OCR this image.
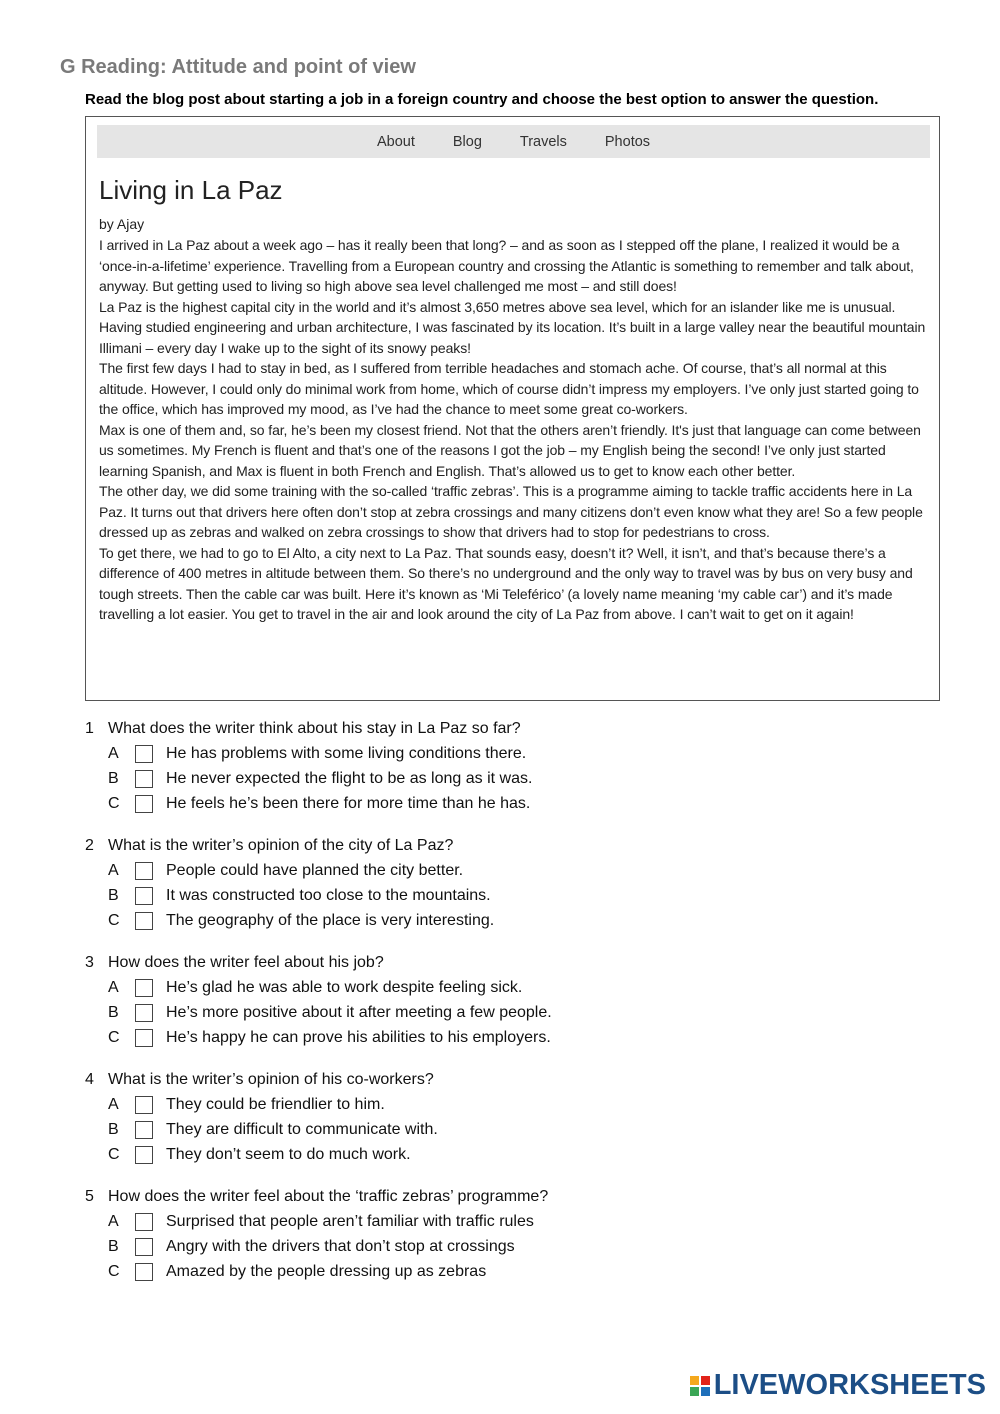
G Reading: Attitude and point of view

Read the blog post about starting a job in a foreign country and choose the best option to answer the question.

About	Blog	Travels	Photos
Living in La Paz
by Ajay

I arrived in La Paz about a week ago – has it really been that long? – and as soon as I stepped off the plane, I realized it would be a ‘once-in-a-lifetime’ experience. Travelling from a European country and crossing the Atlantic is something to remember and talk about, anyway. But getting used to living so high above sea level challenged me most – and still does!

La Paz is the highest capital city in the world and it’s almost 3,650 metres above sea level, which for an islander like me is unusual. Having studied engineering and urban architecture, I was fascinated by its location. It’s built in a large valley near the beautiful mountain Illimani – every day I wake up to the sight of its snowy peaks!

The first few days I had to stay in bed, as I suffered from terrible headaches and stomach ache. Of course, that’s all normal at this altitude. However, I could only do minimal work from home, which of course didn’t impress my employers. I’ve only just started going to the office, which has improved my mood, as I’ve had the chance to meet some great co-workers.

Max is one of them and, so far, he’s been my closest friend. Not that the others aren’t friendly. It's just that language can come between us sometimes. My French is fluent and that’s one of the reasons I got the job – my English being the second! I’ve only just started learning Spanish, and Max is fluent in both French and English. That’s allowed us to get to know each other better.

The other day, we did some training with the so-called ‘traffic zebras’. This is a programme aiming to tackle traffic accidents here in La Paz. It turns out that drivers here often don’t stop at zebra crossings and many citizens don’t even know what they are! So a few people dressed up as zebras and walked on zebra crossings to show that drivers had to stop for pedestrians to cross.

To get there, we had to go to El Alto, a city next to La Paz. That sounds easy, doesn’t it? Well, it isn’t, and that’s because there’s a difference of 400 metres in altitude between them. So there’s no underground and the only way to travel was by bus on very busy and tough streets. Then the cable car was built. Here it’s known as ‘Mi Teleférico’ (a lovely name meaning ‘my cable car’) and it’s made travelling a lot easier. You get to travel in the air and look around the city of La Paz from above. I can’t wait to get on it again!

1 What does the writer think about his stay in La Paz so far?
A	He has problems with some living conditions there.
B	He never expected the flight to be as long as it was.
C	He feels he’s been there for more time than he has.
2 What is the writer’s opinion of the city of La Paz?
A	People could have planned the city better.
B	It was constructed too close to the mountains.
C	The geography of the place is very interesting.
3 How does the writer feel about his job?
A	He’s glad he was able to work despite feeling sick.
B	He’s more positive about it after meeting a few people.
C	He’s happy he can prove his abilities to his employers.
4 What is the writer’s opinion of his co-workers?
A	They could be friendlier to him.
B	They are difficult to communicate with.
C	They don’t seem to do much work.
5 How does the writer feel about the ‘traffic zebras’ programme?
A	Surprised that people aren’t familiar with traffic rules
B	Angry with the drivers that don’t stop at crossings
C	Amazed by the people dressing up as zebras
LIVEWORKSHEETS
